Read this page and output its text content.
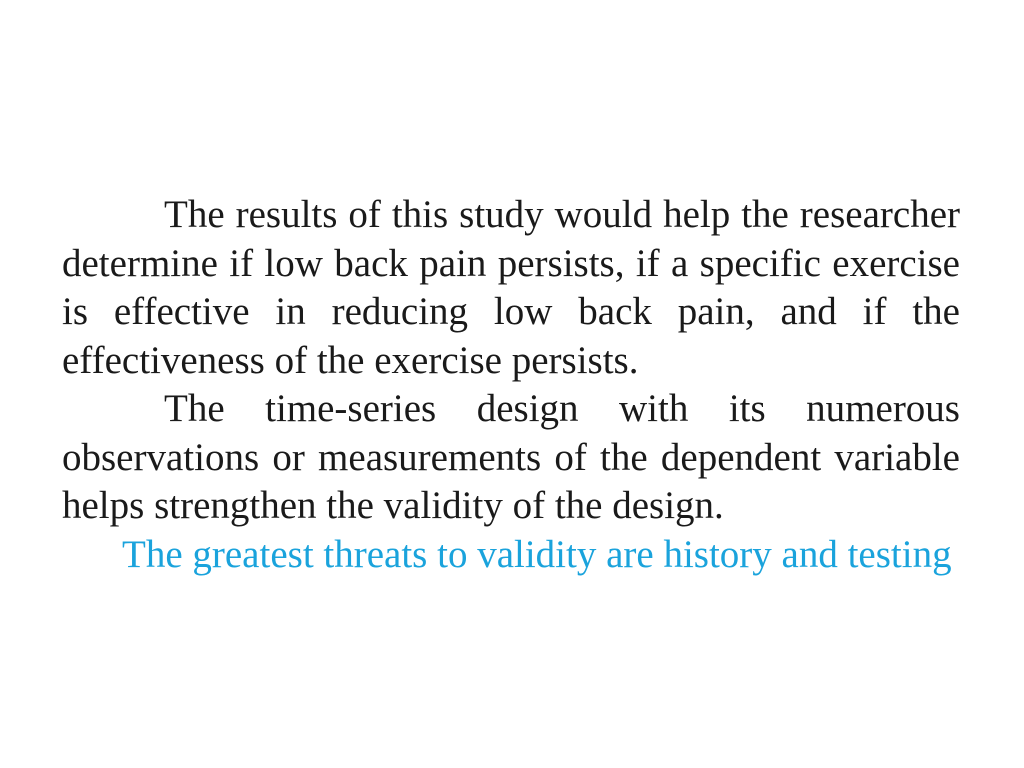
The results of this study would help the researcher determine if low back pain persists, if a specific exercise is effective in reducing low back pain, and if the effectiveness of the exercise persists.

The time-series design with its numerous observations or measurements of the dependent variable helps strengthen the validity of the design.

The greatest threats to validity are history and testing
